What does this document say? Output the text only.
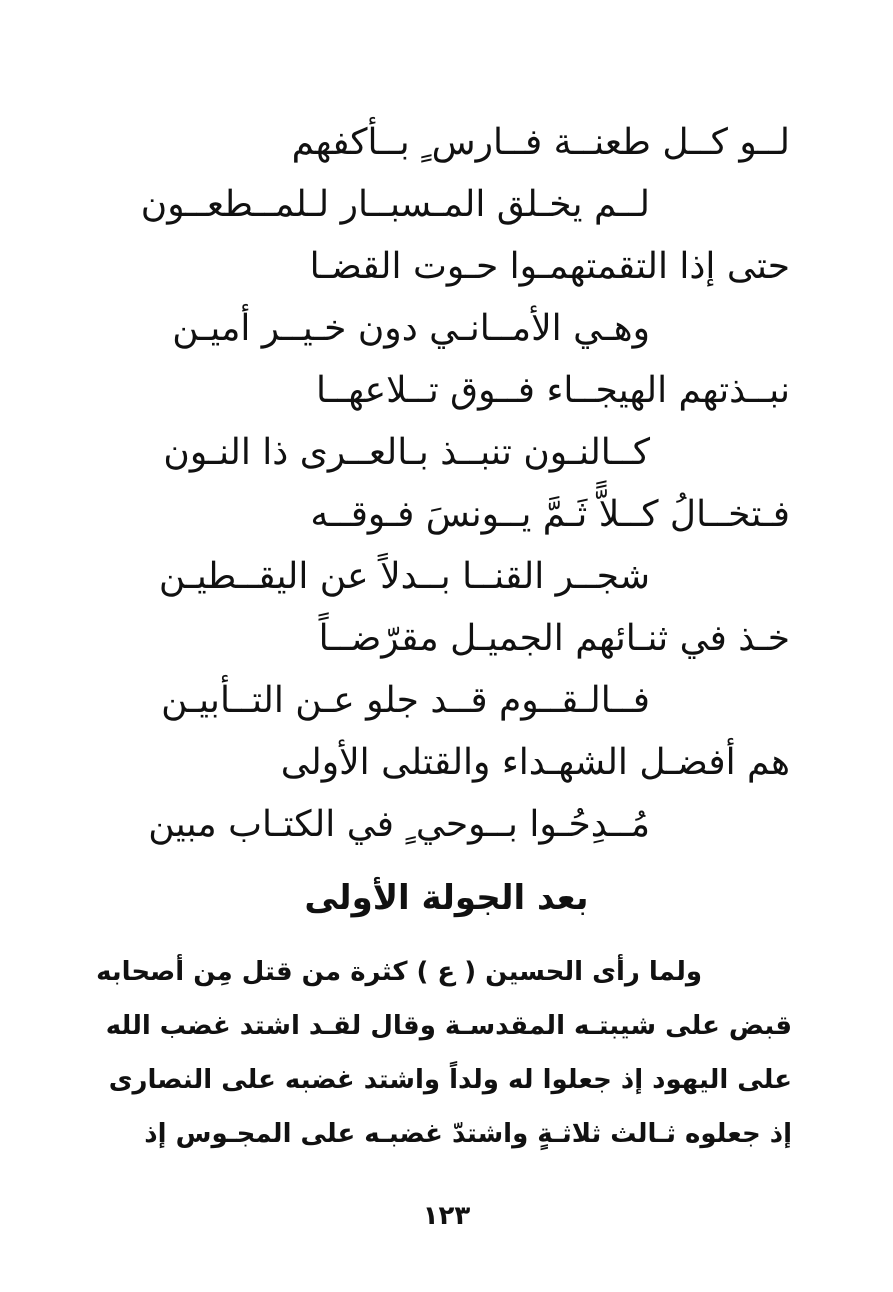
لــو كــل طعنــة فــارس ٍ بــأكفهم
لــم يخـلق المـسبــار لـلمــطعــون
حتى إذا التقمتهمـوا حـوت القضـا
وهـي الأمــانـي دون خـيــر أميـن
نبــذتهم الهيجــاء فــوق تــلاعهــا
كــالنـون تنبــذ بـالعــرى ذا النـون
فـتخــالُ كــلاًّ ثَـمَّ يــونسَ فـوقــه
شجــر القنــا بــدلاً عن اليقــطيـن
خـذ في ثنـائهم الجميـل مقرّضــاً
فــالـقــوم قــد جلو عـن التــأبيـن
هم أفضـل الشهـداء والقتلى الأولى
مُــدِحُـوا بــوحي ٍ في الكتـاب مبين
بعد الجولة الأولى
ولما رأى الحسين ( ع ) كثرة من قتل مِن أصحابه
قبض على شيبتـه المقدسـة وقال لقـد اشتد غضب الله
على اليهود إذ جعلوا له ولداً واشتد غضبه على النصارى
إذ جعلوه ثـالث ثلاثـةٍ واشتدّ غضبـه على المجـوس إذ
١٢٣
